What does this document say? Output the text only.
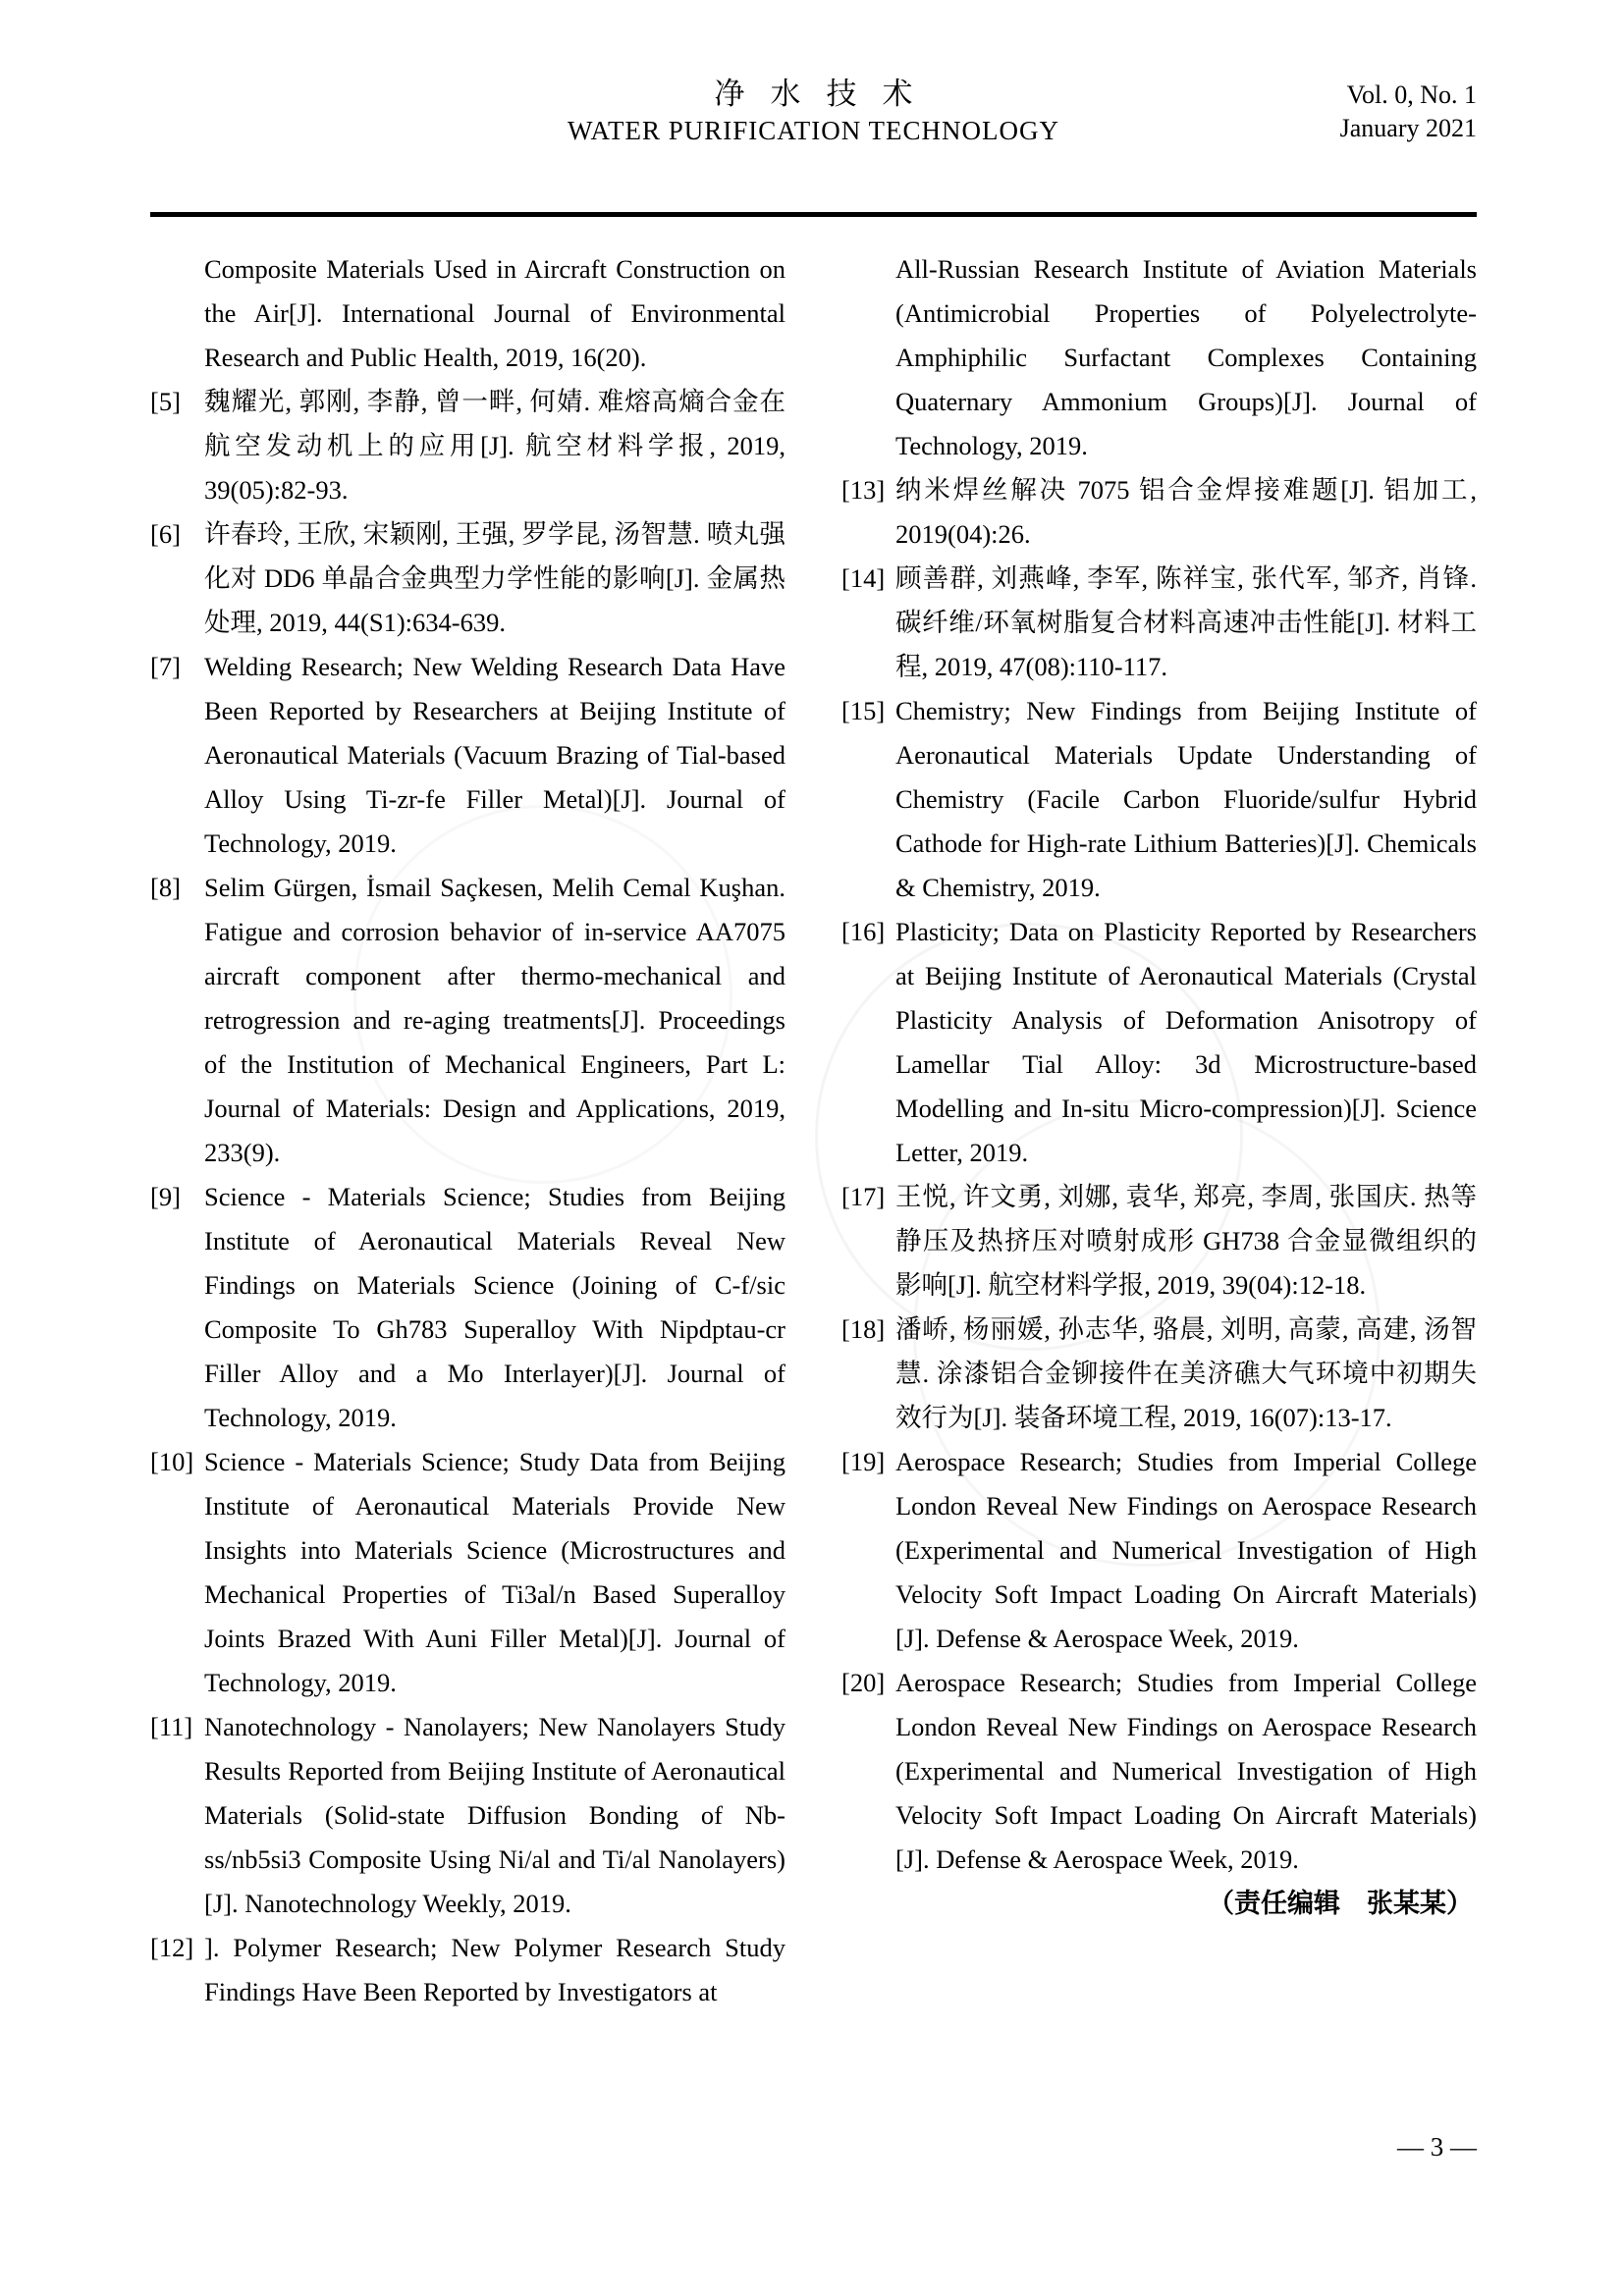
净水技术
WATER PURIFICATION TECHNOLOGY
Vol. 0, No. 1
January 2021
Composite Materials Used in Aircraft Construction on the Air[J]. International Journal of Environmental Research and Public Health, 2019, 16(20).
[5] 魏耀光, 郭刚, 李静, 曾一畔, 何婧. 难熔高熵合金在航空发动机上的应用[J]. 航空材料学报, 2019, 39(05):82-93.
[6] 许春玲, 王欣, 宋颖刚, 王强, 罗学昆, 汤智慧. 喷丸强化对 DD6 单晶合金典型力学性能的影响[J]. 金属热处理, 2019, 44(S1):634-639.
[7] Welding Research; New Welding Research Data Have Been Reported by Researchers at Beijing Institute of Aeronautical Materials (Vacuum Brazing of Tial-based Alloy Using Ti-zr-fe Filler Metal)[J]. Journal of Technology, 2019.
[8] Selim Gürgen, İsmail Saçkesen, Melih Cemal Kuşhan. Fatigue and corrosion behavior of in-service AA7075 aircraft component after thermo-mechanical and retrogression and re-aging treatments[J]. Proceedings of the Institution of Mechanical Engineers, Part L: Journal of Materials: Design and Applications, 2019, 233(9).
[9] Science - Materials Science; Studies from Beijing Institute of Aeronautical Materials Reveal New Findings on Materials Science (Joining of C-f/sic Composite To Gh783 Superalloy With Nipdptau-cr Filler Alloy and a Mo Interlayer)[J]. Journal of Technology, 2019.
[10] Science - Materials Science; Study Data from Beijing Institute of Aeronautical Materials Provide New Insights into Materials Science (Microstructures and Mechanical Properties of Ti3al/n Based Superalloy Joints Brazed With Auni Filler Metal)[J]. Journal of Technology, 2019.
[11] Nanotechnology - Nanolayers; New Nanolayers Study Results Reported from Beijing Institute of Aeronautical Materials (Solid-state Diffusion Bonding of Nb-ss/nb5si3 Composite Using Ni/al and Ti/al Nanolayers)[J]. Nanotechnology Weekly, 2019.
[12] ]. Polymer Research; New Polymer Research Study Findings Have Been Reported by Investigators at
All-Russian Research Institute of Aviation Materials (Antimicrobial Properties of Polyelectrolyte-Amphiphilic Surfactant Complexes Containing Quaternary Ammonium Groups)[J]. Journal of Technology, 2019.
[13] 纳米焊丝解决 7075 铝合金焊接难题[J]. 铝加工, 2019(04):26.
[14] 顾善群, 刘燕峰, 李军, 陈祥宝, 张代军, 邹齐, 肖锋. 碳纤维/环氧树脂复合材料高速冲击性能[J]. 材料工程, 2019, 47(08):110-117.
[15] Chemistry; New Findings from Beijing Institute of Aeronautical Materials Update Understanding of Chemistry (Facile Carbon Fluoride/sulfur Hybrid Cathode for High-rate Lithium Batteries)[J]. Chemicals & Chemistry, 2019.
[16] Plasticity; Data on Plasticity Reported by Researchers at Beijing Institute of Aeronautical Materials (Crystal Plasticity Analysis of Deformation Anisotropy of Lamellar Tial Alloy: 3d Microstructure-based Modelling and In-situ Micro-compression)[J]. Science Letter, 2019.
[17] 王悦, 许文勇, 刘娜, 袁华, 郑亮, 李周, 张国庆. 热等静压及热挤压对喷射成形 GH738 合金显微组织的影响[J]. 航空材料学报, 2019, 39(04):12-18.
[18] 潘峤, 杨丽媛, 孙志华, 骆晨, 刘明, 高蒙, 高建, 汤智慧. 涂漆铝合金铆接件在美济礁大气环境中初期失效行为[J]. 装备环境工程, 2019, 16(07):13-17.
[19] Aerospace Research; Studies from Imperial College London Reveal New Findings on Aerospace Research (Experimental and Numerical Investigation of High Velocity Soft Impact Loading On Aircraft Materials)[J]. Defense & Aerospace Week, 2019.
[20] Aerospace Research; Studies from Imperial College London Reveal New Findings on Aerospace Research (Experimental and Numerical Investigation of High Velocity Soft Impact Loading On Aircraft Materials)[J]. Defense & Aerospace Week, 2019.
（责任编辑　张某某）
— 3 —
